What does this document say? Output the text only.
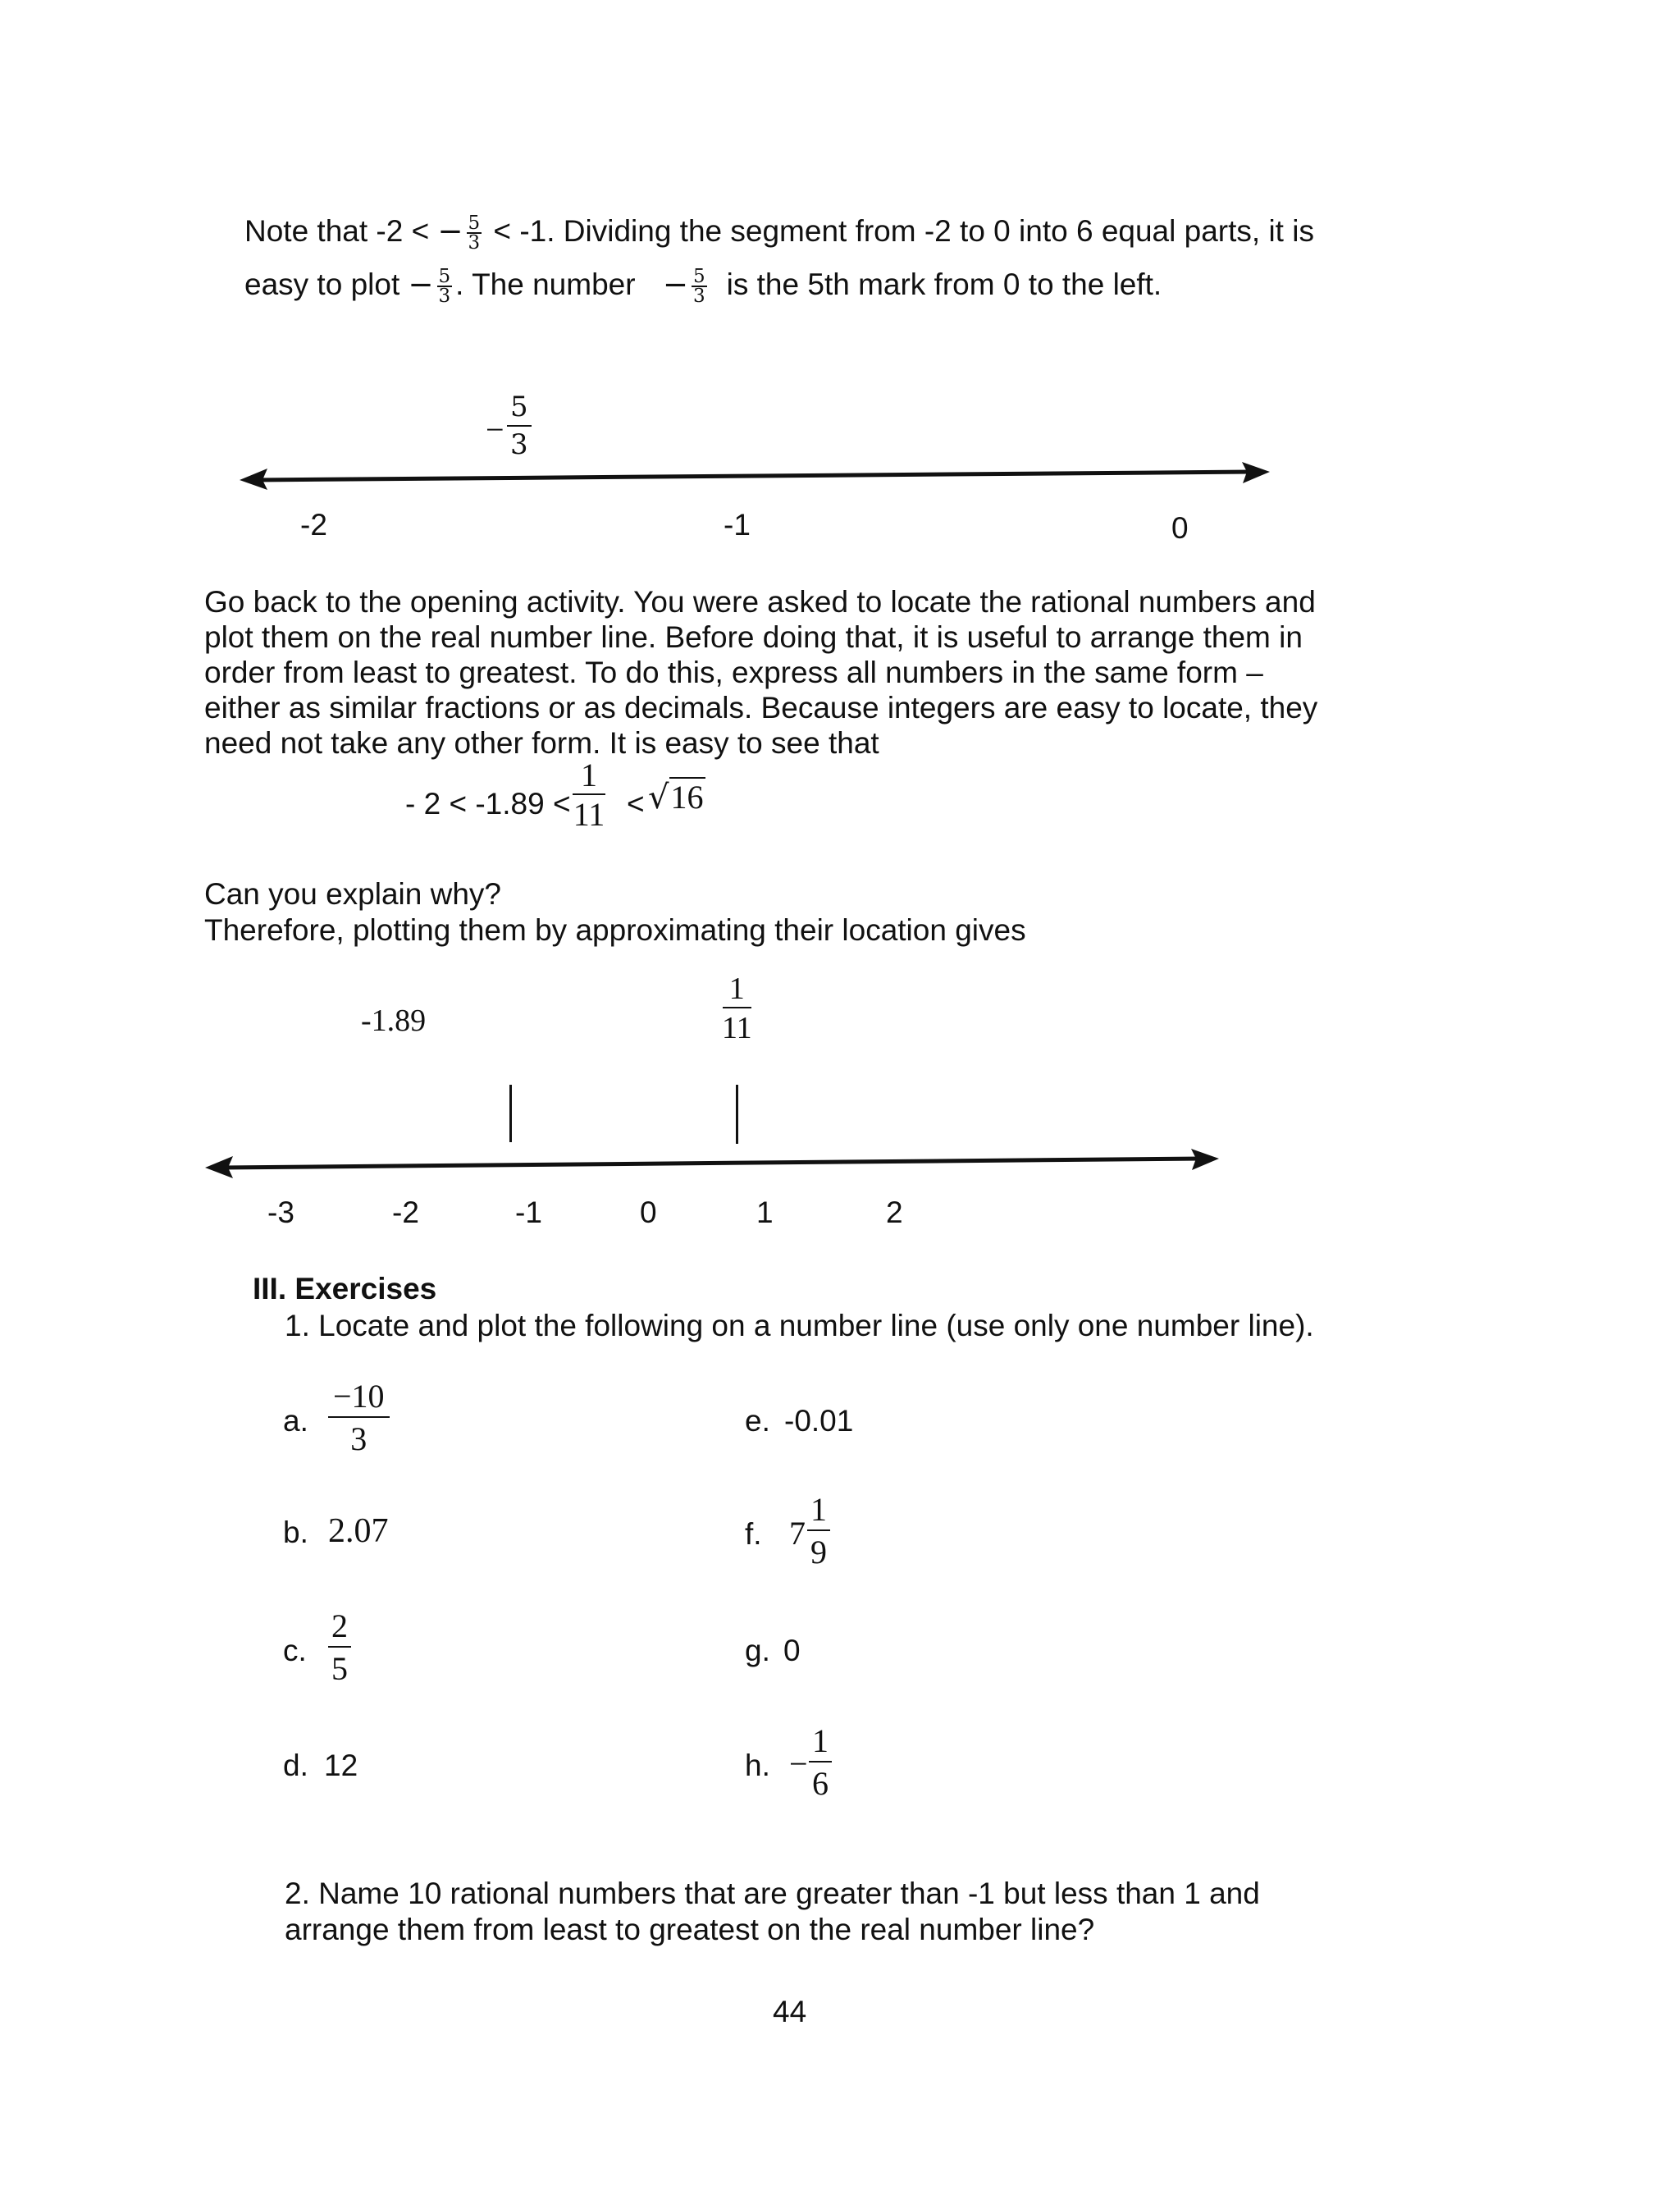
Note that -2 < − $\frac{5}{3} < -1$. Dividing the segment from -2 to 0 into 6 equal parts, it is
easy to plot − $\frac{5}{3}$ . The number − $\frac{5}{3}$ is the 5th mark from 0 to the left.
− $\frac{5}{3}$
-2	-1	0
Go back to the opening activity. You were asked to locate the rational numbers and
plot them on the real number line. Before doing that, it is useful to arrange them in
order from least to greatest. To do this, express all numbers in the same form –
either as similar fractions or as decimals. Because integers are easy to locate, they
need not take any other form. It is easy to see that
- $2 < -1.89 < \frac{1}{11} < √16$
Can you explain why?
Therefore, plotting them by approximating their location gives
-1.89	$\frac{1}{11}$
-3	-2	-1	0	1	2
III. Exercises
1. Locate and plot the following on a number line (use only one number line).
a. $\frac{-10}{3}$
b. 2.07
c. $\frac{2}{5}$
d. 12
e. -0.01
f. $7 \frac{1}{9}$
g. 0
h. − $\frac{1}{6}$
2. Name 10 rational numbers that are greater than -1 but less than 1 and
arrange them from least to greatest on the real number line?
44
